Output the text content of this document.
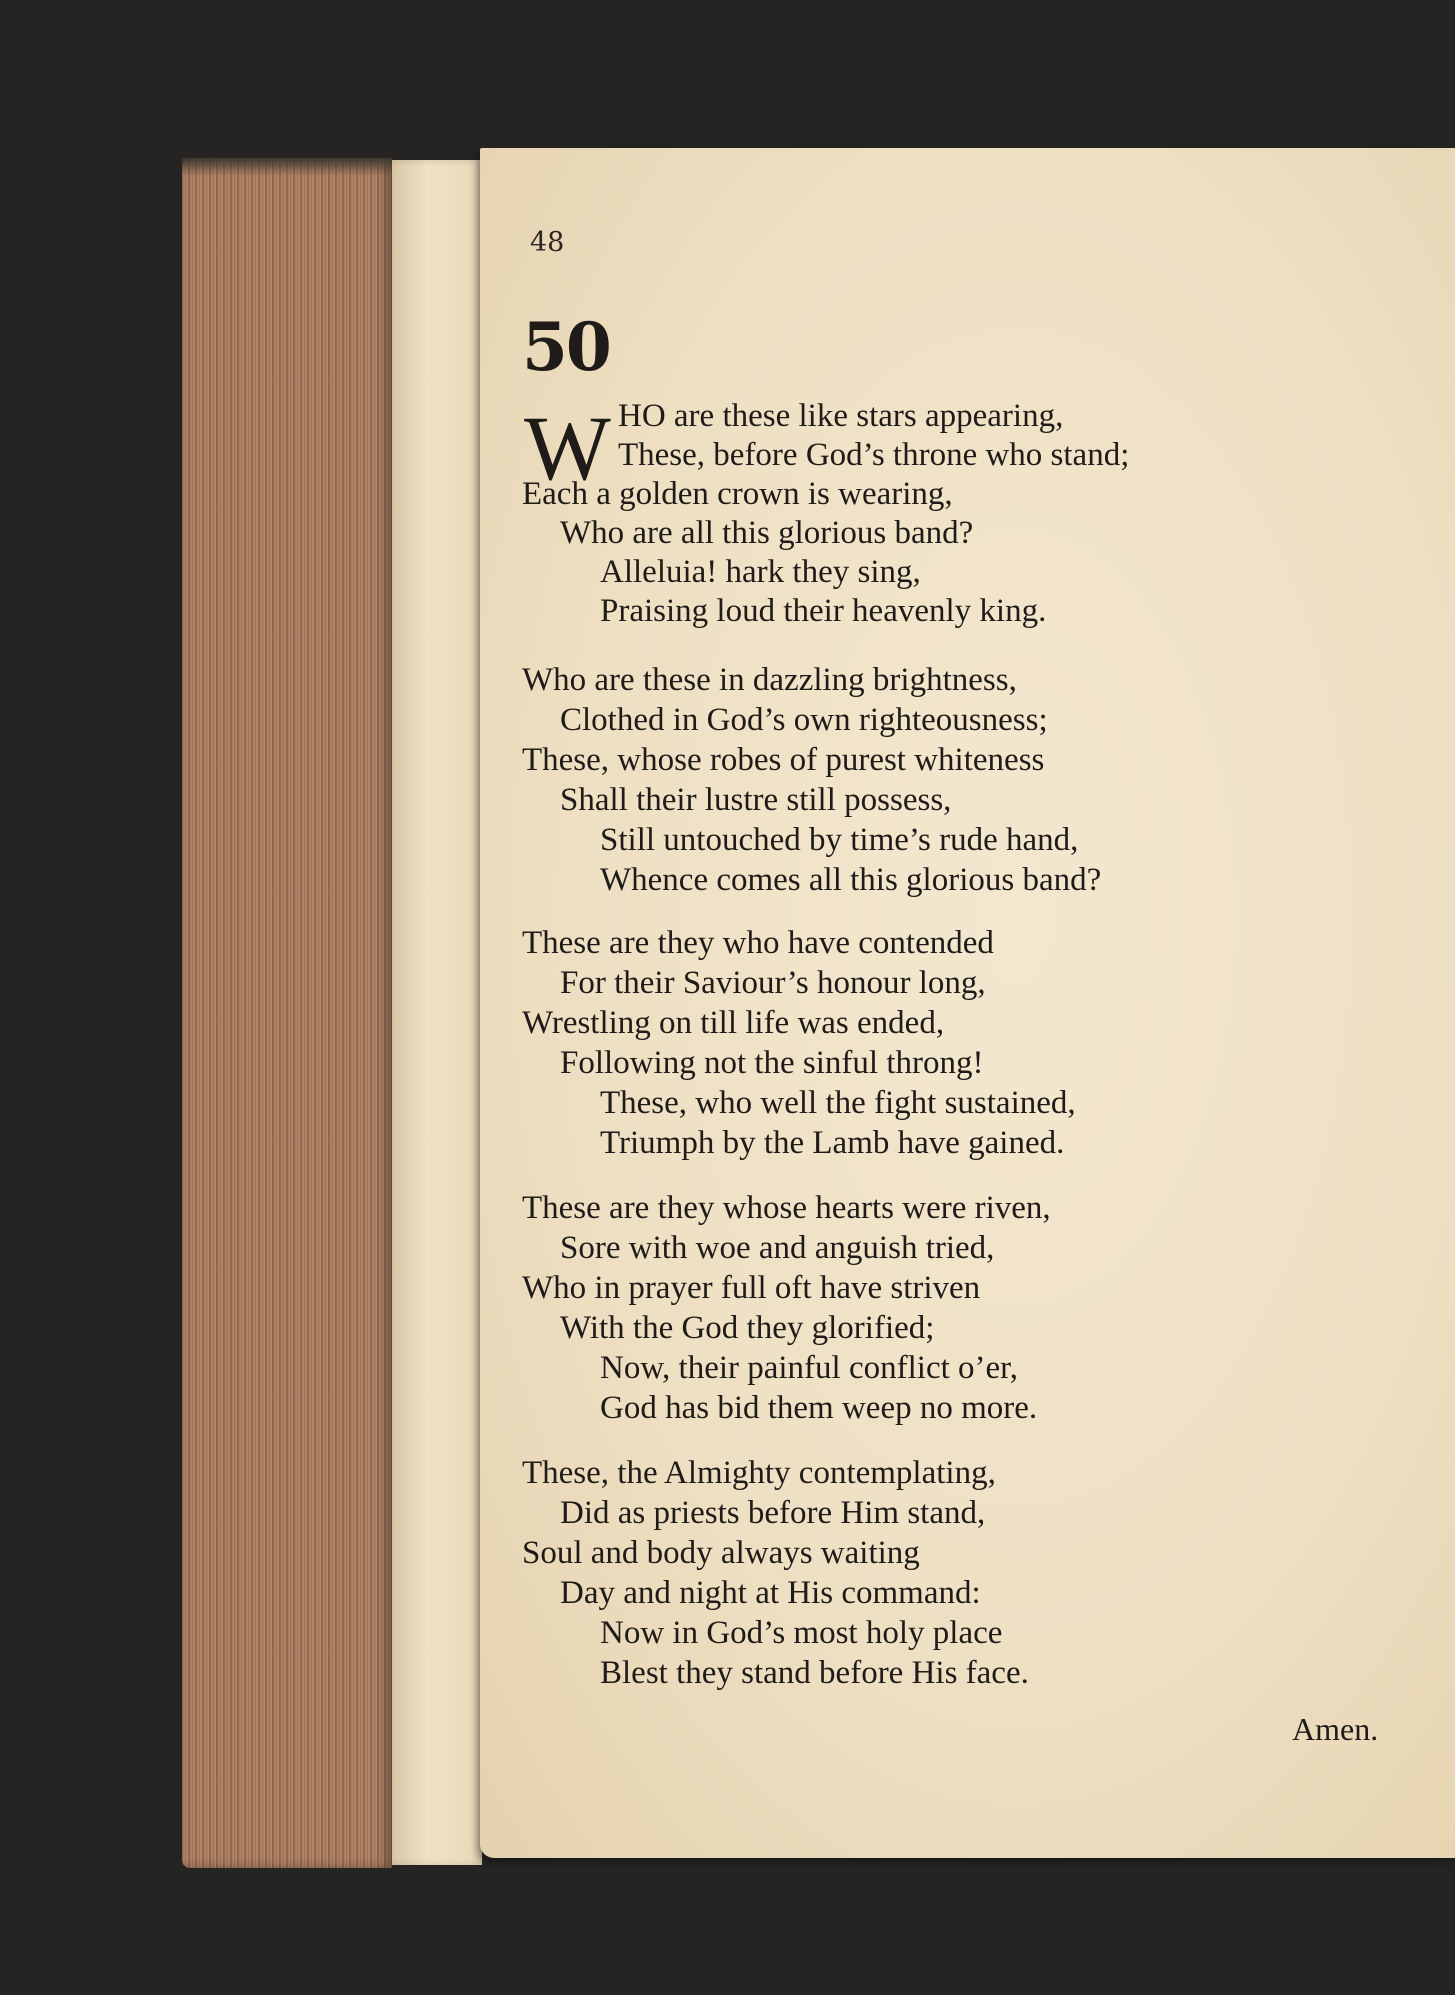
48
50
W HO are these like stars appearing,
These, before God’s throne who stand;
Each a golden crown is wearing,
Who are all this glorious band?
Alleluia! hark they sing,
Praising loud their heavenly king.
Who are these in dazzling brightness,
Clothed in God’s own righteousness;
These, whose robes of purest whiteness
Shall their lustre still possess,
Still untouched by time’s rude hand,
Whence comes all this glorious band?
These are they who have contended
For their Saviour’s honour long,
Wrestling on till life was ended,
Following not the sinful throng!
These, who well the fight sustained,
Triumph by the Lamb have gained.
These are they whose hearts were riven,
Sore with woe and anguish tried,
Who in prayer full oft have striven
With the God they glorified;
Now, their painful conflict o’er,
God has bid them weep no more.
These, the Almighty contemplating,
Did as priests before Him stand,
Soul and body always waiting
Day and night at His command:
Now in God’s most holy place
Blest they stand before His face.
Amen.
